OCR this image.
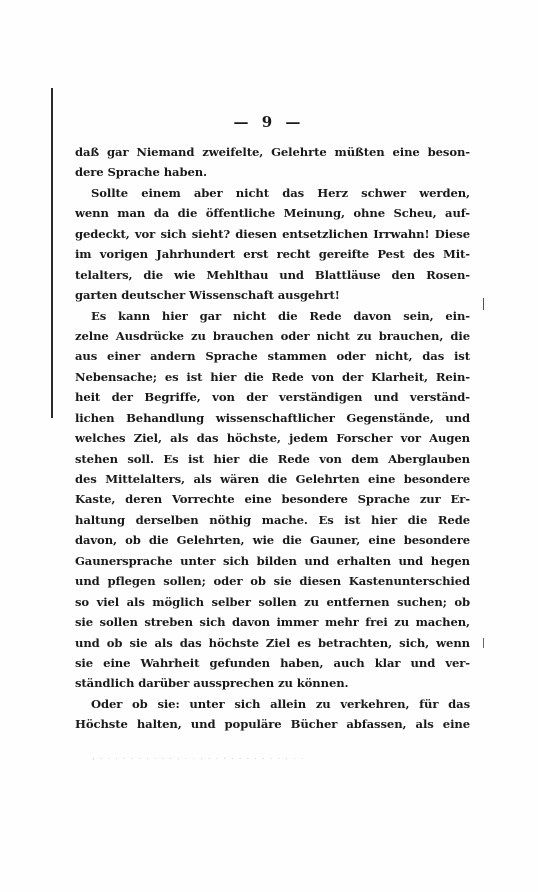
— 9 —
daß gar Niemand zweifelte, Gelehrte müßten eine beson-
dere Sprache haben.
Sollte einem aber nicht das Herz schwer werden,
wenn man da die öffentliche Meinung, ohne Scheu, auf-
gedeckt, vor sich sieht? diesen entsetzlichen Irrwahn! Diese
im vorigen Jahrhundert erst recht gereifte Pest des Mit-
telalters, die wie Mehlthau und Blattläuse den Rosen-
garten deutscher Wissenschaft ausgehrt!
Es kann hier gar nicht die Rede davon sein, ein-
zelne Ausdrücke zu brauchen oder nicht zu brauchen, die
aus einer andern Sprache stammen oder nicht, das ist
Nebensache; es ist hier die Rede von der Klarheit, Rein-
heit der Begriffe, von der verständigen und verständ-
lichen Behandlung wissenschaftlicher Gegenstände, und
welches Ziel, als das höchste, jedem Forscher vor Augen
stehen soll. Es ist hier die Rede von dem Aberglauben
des Mittelalters, als wären die Gelehrten eine besondere
Kaste, deren Vorrechte eine besondere Sprache zur Er-
haltung derselben nöthig mache. Es ist hier die Rede
davon, ob die Gelehrten, wie die Gauner, eine besondere
Gaunersprache unter sich bilden und erhalten und hegen
und pflegen sollen; oder ob sie diesen Kastenunterschied
so viel als möglich selber sollen zu entfernen suchen; ob
sie sollen streben sich davon immer mehr frei zu machen,
und ob sie als das höchste Ziel es betrachten, sich, wenn
sie eine Wahrheit gefunden haben, auch klar und ver-
ständlich darüber aussprechen zu können.
Oder ob sie: unter sich allein zu verkehren, für das
Höchste halten, und populäre Bücher abfassen, als eine
, . . . . . . . . . . . . . . . . . . . . . . . . . . .
